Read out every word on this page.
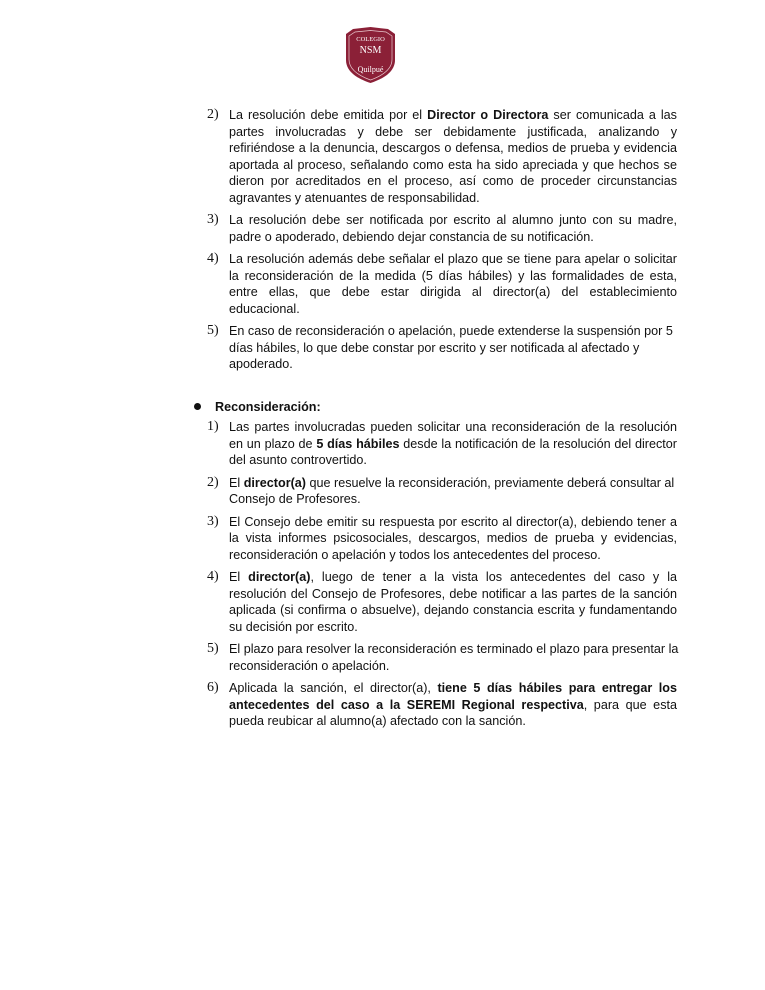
COLEGIO
NSM
Quilpué
2) La resolución debe emitida por el Director o Directora ser comunicada a las partes involucradas y debe ser debidamente justificada, analizando y refiriéndose a la denuncia, descargos o defensa, medios de prueba y evidencia aportada al proceso, señalando como esta ha sido apreciada y que hechos se dieron por acreditados en el proceso, así como de proceder circunstancias agravantes y atenuantes de responsabilidad.
3) La resolución debe ser notificada por escrito al alumno junto con su madre, padre o apoderado, debiendo dejar constancia de su notificación.
4) La resolución además debe señalar el plazo que se tiene para apelar o solicitar la reconsideración de la medida (5 días hábiles) y las formalidades de esta, entre ellas, que debe estar dirigida al director(a) del establecimiento educacional.
5) En caso de reconsideración o apelación, puede extenderse la suspensión por 5 días hábiles, lo que debe constar por escrito y ser notificada al afectado y apoderado.
Reconsideración:
1) Las partes involucradas pueden solicitar una reconsideración de la resolución en un plazo de 5 días hábiles desde la notificación de la resolución del director del asunto controvertido.
2) El director(a) que resuelve la reconsideración, previamente deberá consultar al Consejo de Profesores.
3) El Consejo debe emitir su respuesta por escrito al director(a), debiendo tener a la vista informes psicosociales, descargos, medios de prueba y evidencias, reconsideración o apelación y todos los antecedentes del proceso.
4) El director(a), luego de tener a la vista los antecedentes del caso y la resolución del Consejo de Profesores, debe notificar a las partes de la sanción aplicada (si confirma o absuelve), dejando constancia escrita y fundamentando su decisión por escrito.
5) El plazo para resolver la reconsideración es terminado el plazo para presentar la reconsideración o apelación.
6) Aplicada la sanción, el director(a), tiene 5 días hábiles para entregar los antecedentes del caso a la SEREMI Regional respectiva, para que esta pueda reubicar al alumno(a) afectado con la sanción.
